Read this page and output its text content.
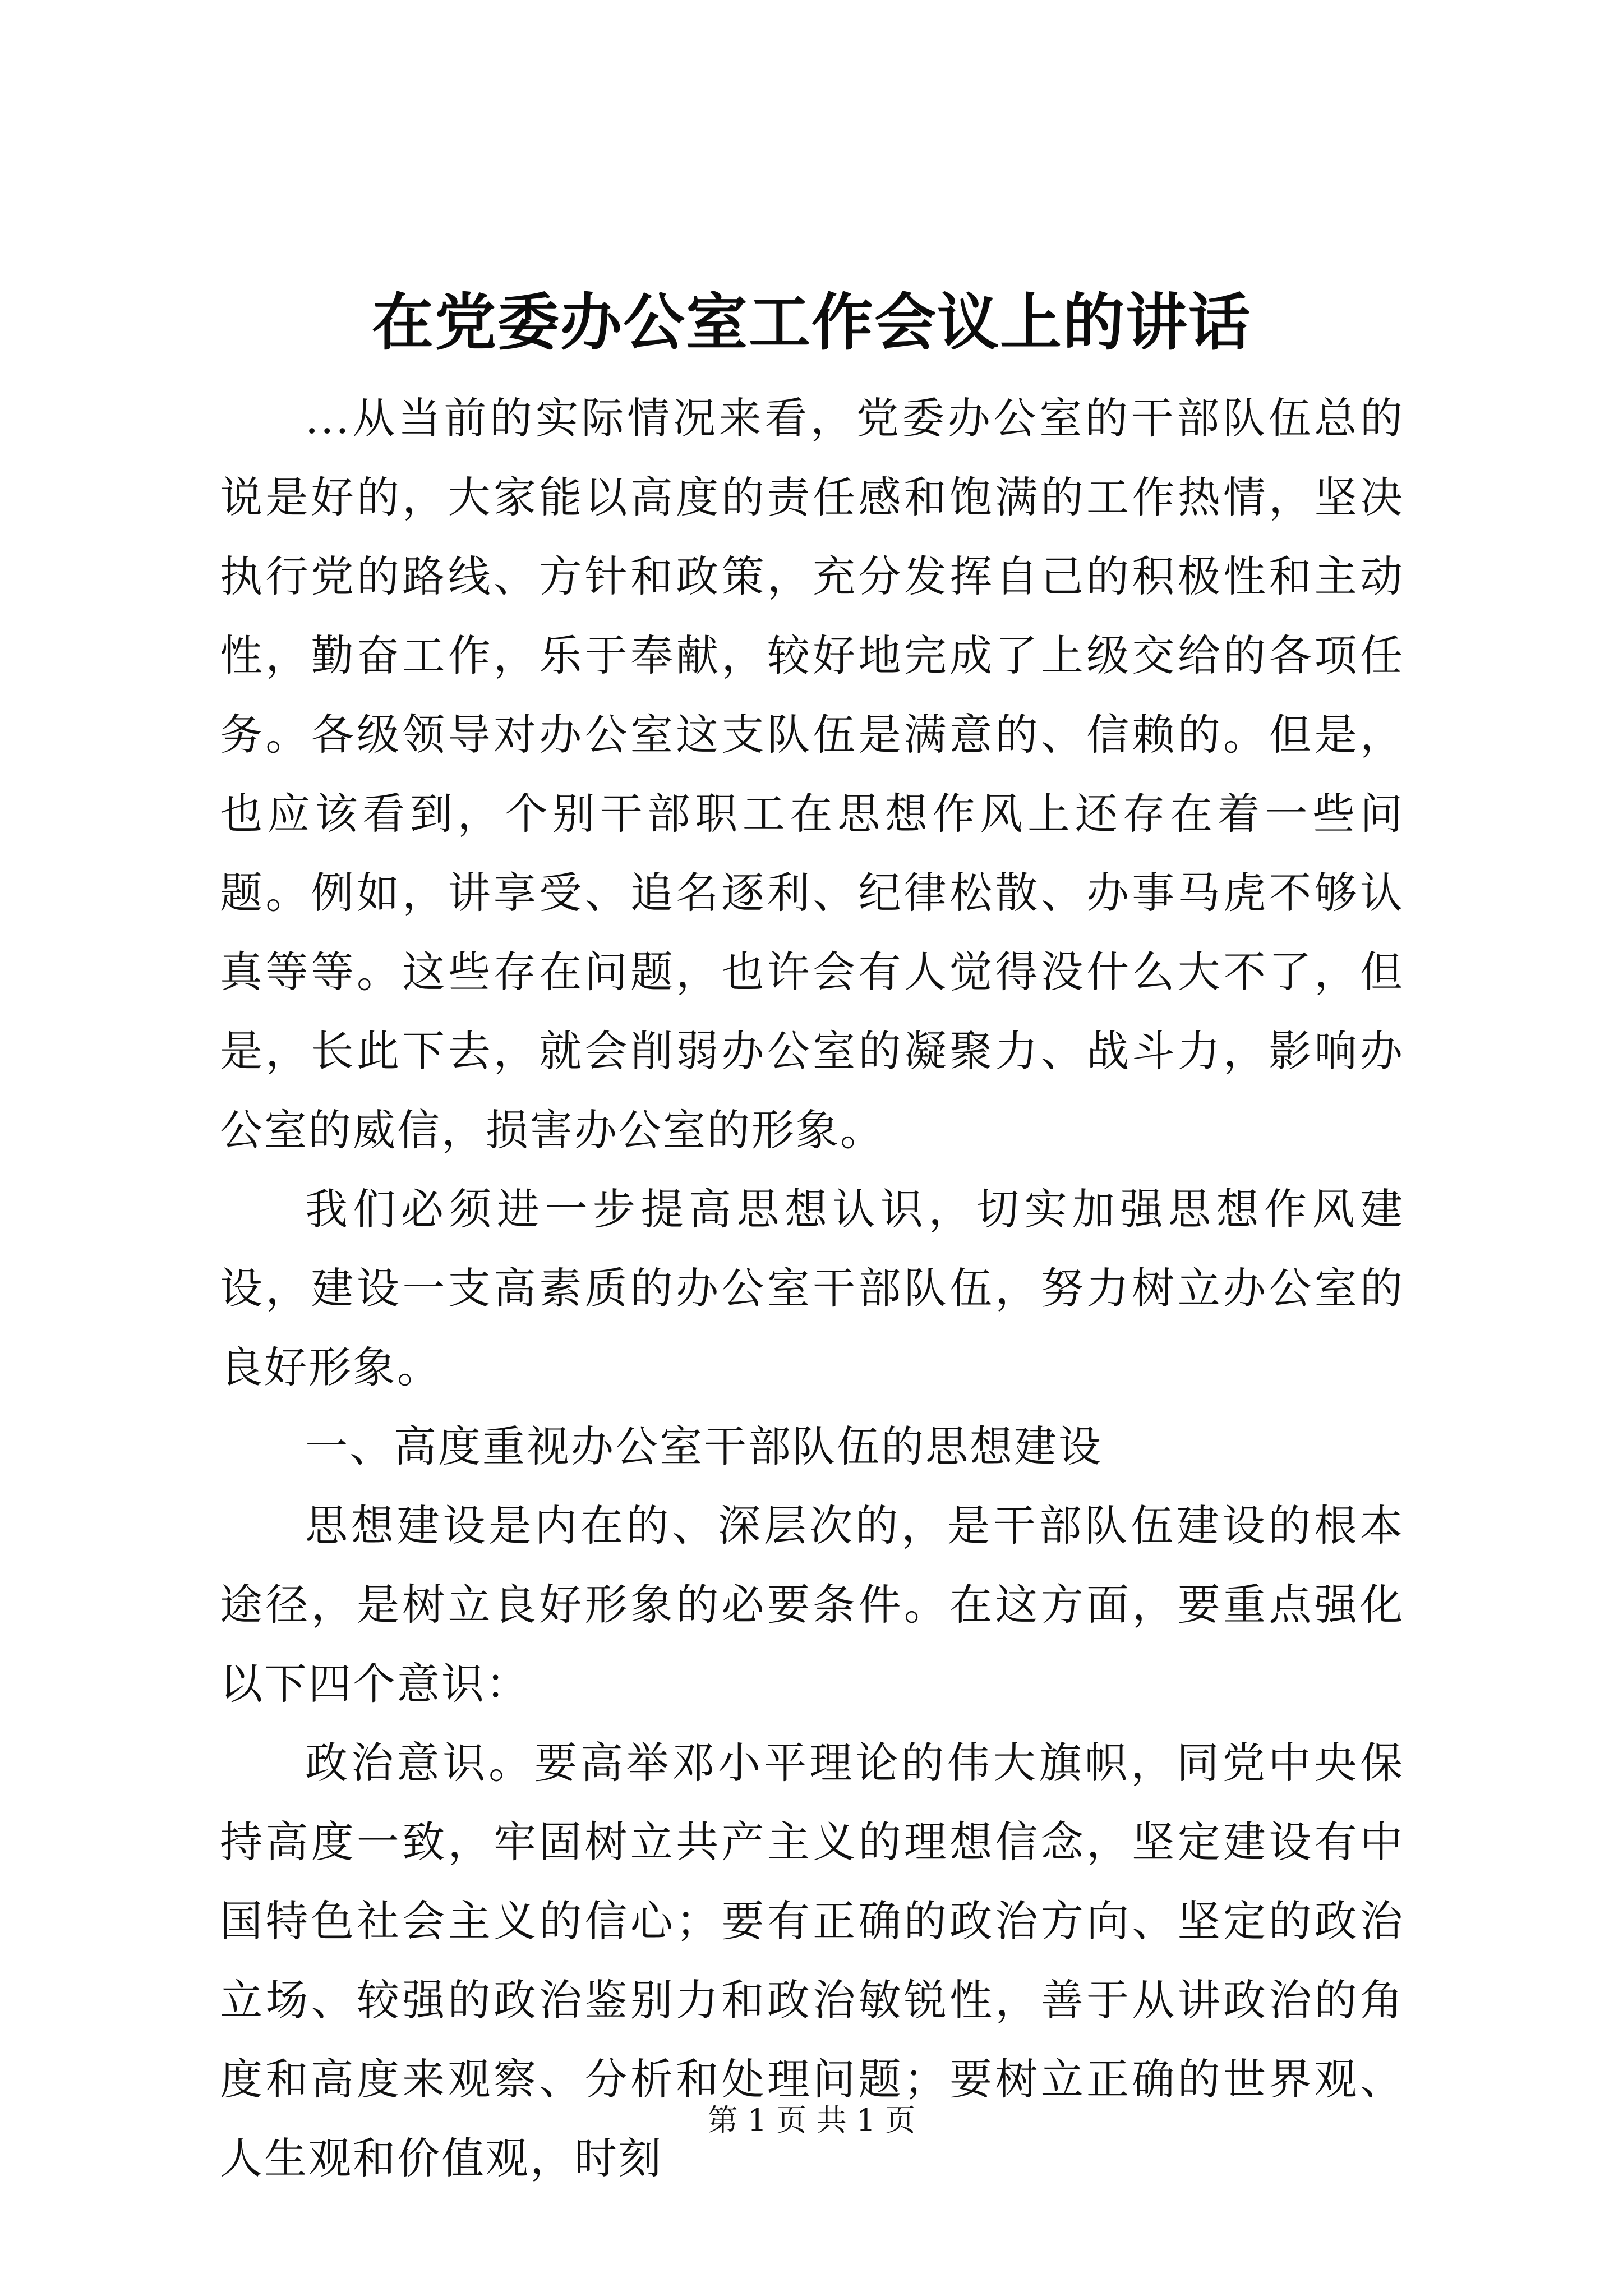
在党委办公室工作会议上的讲话

...从当前的实际情况来看，党委办公室的干部队伍总的说是好的，大家能以高度的责任感和饱满的工作热情，坚决执行党的路线、方针和政策，充分发挥自己的积极性和主动性，勤奋工作，乐于奉献，较好地完成了上级交给的各项任务。各级领导对办公室这支队伍是满意的、信赖的。但是，也应该看到，个别干部职工在思想作风上还存在着一些问题。例如，讲享受、追名逐利、纪律松散、办事马虎不够认真等等。这些存在问题，也许会有人觉得没什么大不了，但是，长此下去，就会削弱办公室的凝聚力、战斗力，影响办公室的威信，损害办公室的形象。

我们必须进一步提高思想认识，切实加强思想作风建设，建设一支高素质的办公室干部队伍，努力树立办公室的良好形象。

一、高度重视办公室干部队伍的思想建设

思想建设是内在的、深层次的，是干部队伍建设的根本途径，是树立良好形象的必要条件。在这方面，要重点强化以下四个意识：

政治意识。要高举邓小平理论的伟大旗帜，同党中央保持高度一致，牢固树立共产主义的理想信念，坚定建设有中国特色社会主义的信心；要有正确的政治方向、坚定的政治立场、较强的政治鉴别力和政治敏锐性，善于从讲政治的角度和高度来观察、分析和处理问题；要树立正确的世界观、人生观和价值观，时刻

第 1 页 共 1 页
